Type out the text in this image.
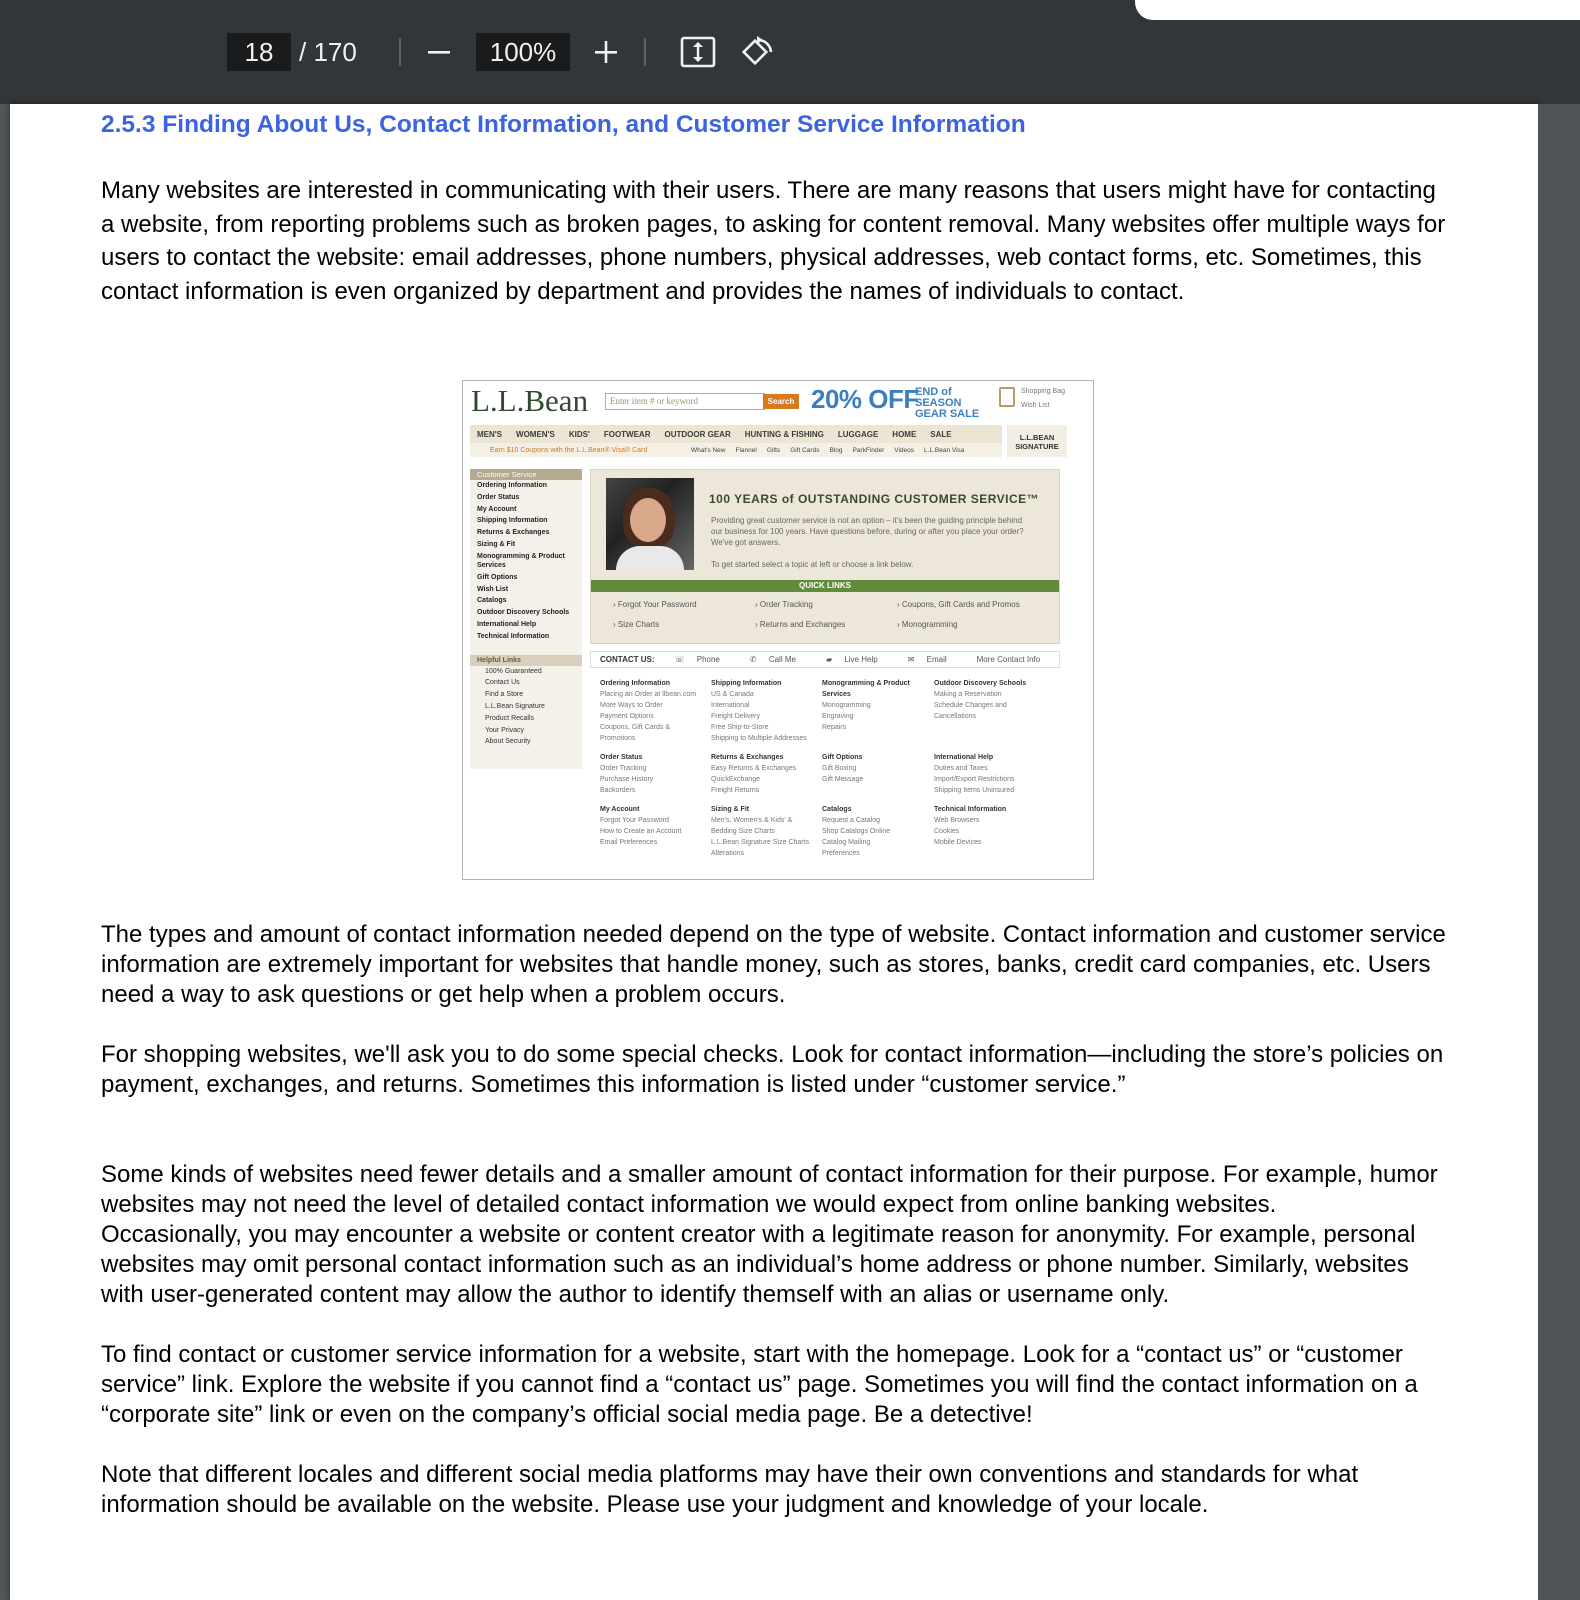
18 / 170	100%
2.5.3 Finding About Us, Contact Information, and Customer Service Information
Many websites are interested in communicating with their users. There are many reasons that users might have for contacting a website, from reporting problems such as broken pages, to asking for content removal. Many websites offer multiple ways for users to contact the website: email addresses, phone numbers, physical addresses, web contact forms, etc. Sometimes, this contact information is even organized by department and provides the names of individuals to contact.
L.L.Bean	Enter item # or keyword	Search 20% OFF
END of SEASON GEAR SALE
Shopping Bag
Wish List
MEN'S	WOMEN'S	KIDS'	FOOTWEAR	OUTDOOR GEAR	HUNTING & FISHING	LUGGAGE	HOME	SALE	L.L.BEAN SIGNATURE
Earn $10 Coupons with the L.L.Bean® Visa® Card	What's New	Flannel	Gifts	Gift Cards	Blog	ParkFinder	Videos	L.L.Bean Visa
Customer Service
Ordering Information
Order Status
My Account
Shipping Information
Returns & Exchanges
Sizing & Fit
Monogramming & Product Services
Gift Options
Wish List
Catalogs
Outdoor Discovery Schools
International Help
Technical Information
Helpful Links
100% Guaranteed
Contact Us
Find a Store
L.L.Bean Signature
Product Recalls
Your Privacy
About Security
100 YEARS of OUTSTANDING CUSTOMER SERVICE™
Providing great customer service is not an option – it's been the guiding principle behind our business for 100 years. Have questions before, during or after you place your order? We've got answers.
To get started select a topic at left or choose a link below.
QUICK LINKS
› Forgot Your Password	› Order Tracking	› Coupons, Gift Cards and Promos
› Size Charts	› Returns and Exchanges	› Monogramming
CONTACT US:	☏ Phone	✆ Call Me	▰ Live Help	✉ Email	More Contact Info
Ordering Information
Placing an Order at llbean.com
More Ways to Order
Payment Options
Coupons, Gift Cards &
Promotions
Shipping Information
US & Canada
International
Freight Delivery
Free Ship-to-Store
Shipping to Multiple Addresses
Monogramming & Product Services
Monogramming
Engraving
Repairs
Outdoor Discovery Schools
Making a Reservation
Schedule Changes and
Cancellations
Order Status
Order Tracking
Purchase History
Backorders
Returns & Exchanges
Easy Returns & Exchanges
QuickExchange
Freight Returns
Gift Options
Gift Boxing
Gift Message
International Help
Duties and Taxes
Import/Export Restrictions
Shipping Items Uninsured
My Account
Forgot Your Password
How to Create an Account
Email Preferences
Sizing & Fit
Men's, Women's & Kids' &
Bedding Size Charts
L.L.Bean Signature Size Charts
Alterations
Catalogs
Request a Catalog
Shop Catalogs Online
Catalog Mailing
Preferences
Technical Information
Web Browsers
Cookies
Mobile Devices
The types and amount of contact information needed depend on the type of website. Contact information and customer service information are extremely important for websites that handle money, such as stores, banks, credit card companies, etc. Users need a way to ask questions or get help when a problem occurs.
For shopping websites, we'll ask you to do some special checks. Look for contact information—including the store’s policies on payment, exchanges, and returns. Sometimes this information is listed under “customer service.”
Some kinds of websites need fewer details and a smaller amount of contact information for their purpose. For example, humor websites may not need the level of detailed contact information we would expect from online banking websites.
Occasionally, you may encounter a website or content creator with a legitimate reason for anonymity. For example, personal websites may omit personal contact information such as an individual’s home address or phone number. Similarly, websites with user-generated content may allow the author to identify themself with an alias or username only.
To find contact or customer service information for a website, start with the homepage. Look for a “contact us” or “customer service” link. Explore the website if you cannot find a “contact us” page. Sometimes you will find the contact information on a “corporate site” link or even on the company’s official social media page. Be a detective!
Note that different locales and different social media platforms may have their own conventions and standards for what information should be available on the website. Please use your judgment and knowledge of your locale.
